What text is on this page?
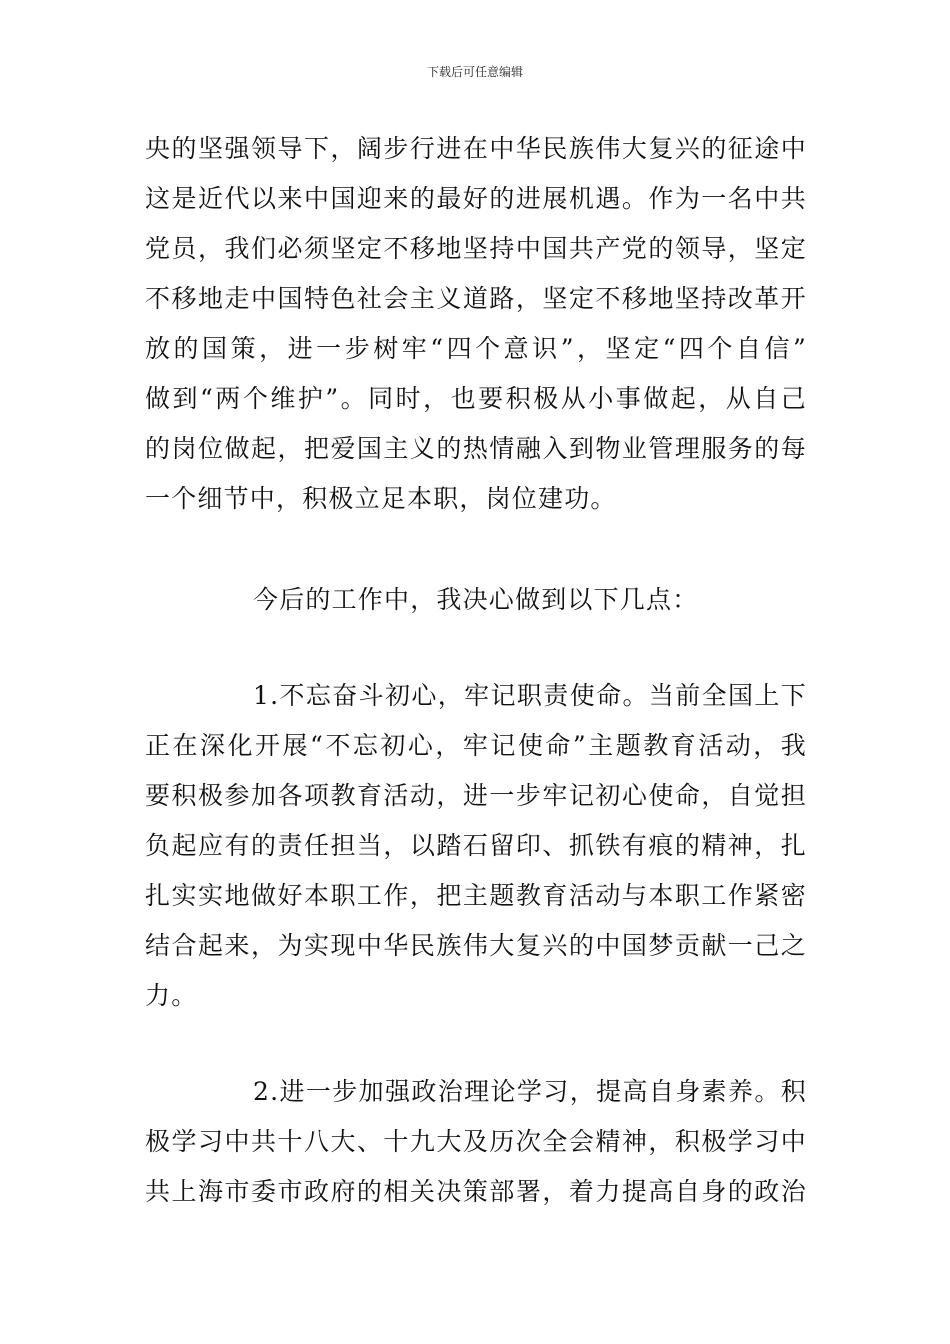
下载后可任意编辑
央的坚强领导下，阔步行进在中华民族伟大复兴的征途中
这是近代以来中国迎来的最好的进展机遇。作为一名中共
党员，我们必须坚定不移地坚持中国共产党的领导，坚定
不移地走中国特色社会主义道路，坚定不移地坚持改革开
放的国策，进一步树牢“四个意识”，坚定“四个自信”
做到“两个维护”。同时，也要积极从小事做起，从自己
的岗位做起，把爱国主义的热情融入到物业管理服务的每
一个细节中，积极立足本职，岗位建功。
今后的工作中，我决心做到以下几点：
1.不忘奋斗初心，牢记职责使命。当前全国上下
正在深化开展“不忘初心，牢记使命”主题教育活动，我
要积极参加各项教育活动，进一步牢记初心使命，自觉担
负起应有的责任担当，以踏石留印、抓铁有痕的精神，扎
扎实实地做好本职工作，把主题教育活动与本职工作紧密
结合起来，为实现中华民族伟大复兴的中国梦贡献一己之
力。
2.进一步加强政治理论学习，提高自身素养。积
极学习中共十八大、十九大及历次全会精神，积极学习中
共上海市委市政府的相关决策部署，着力提高自身的政治
